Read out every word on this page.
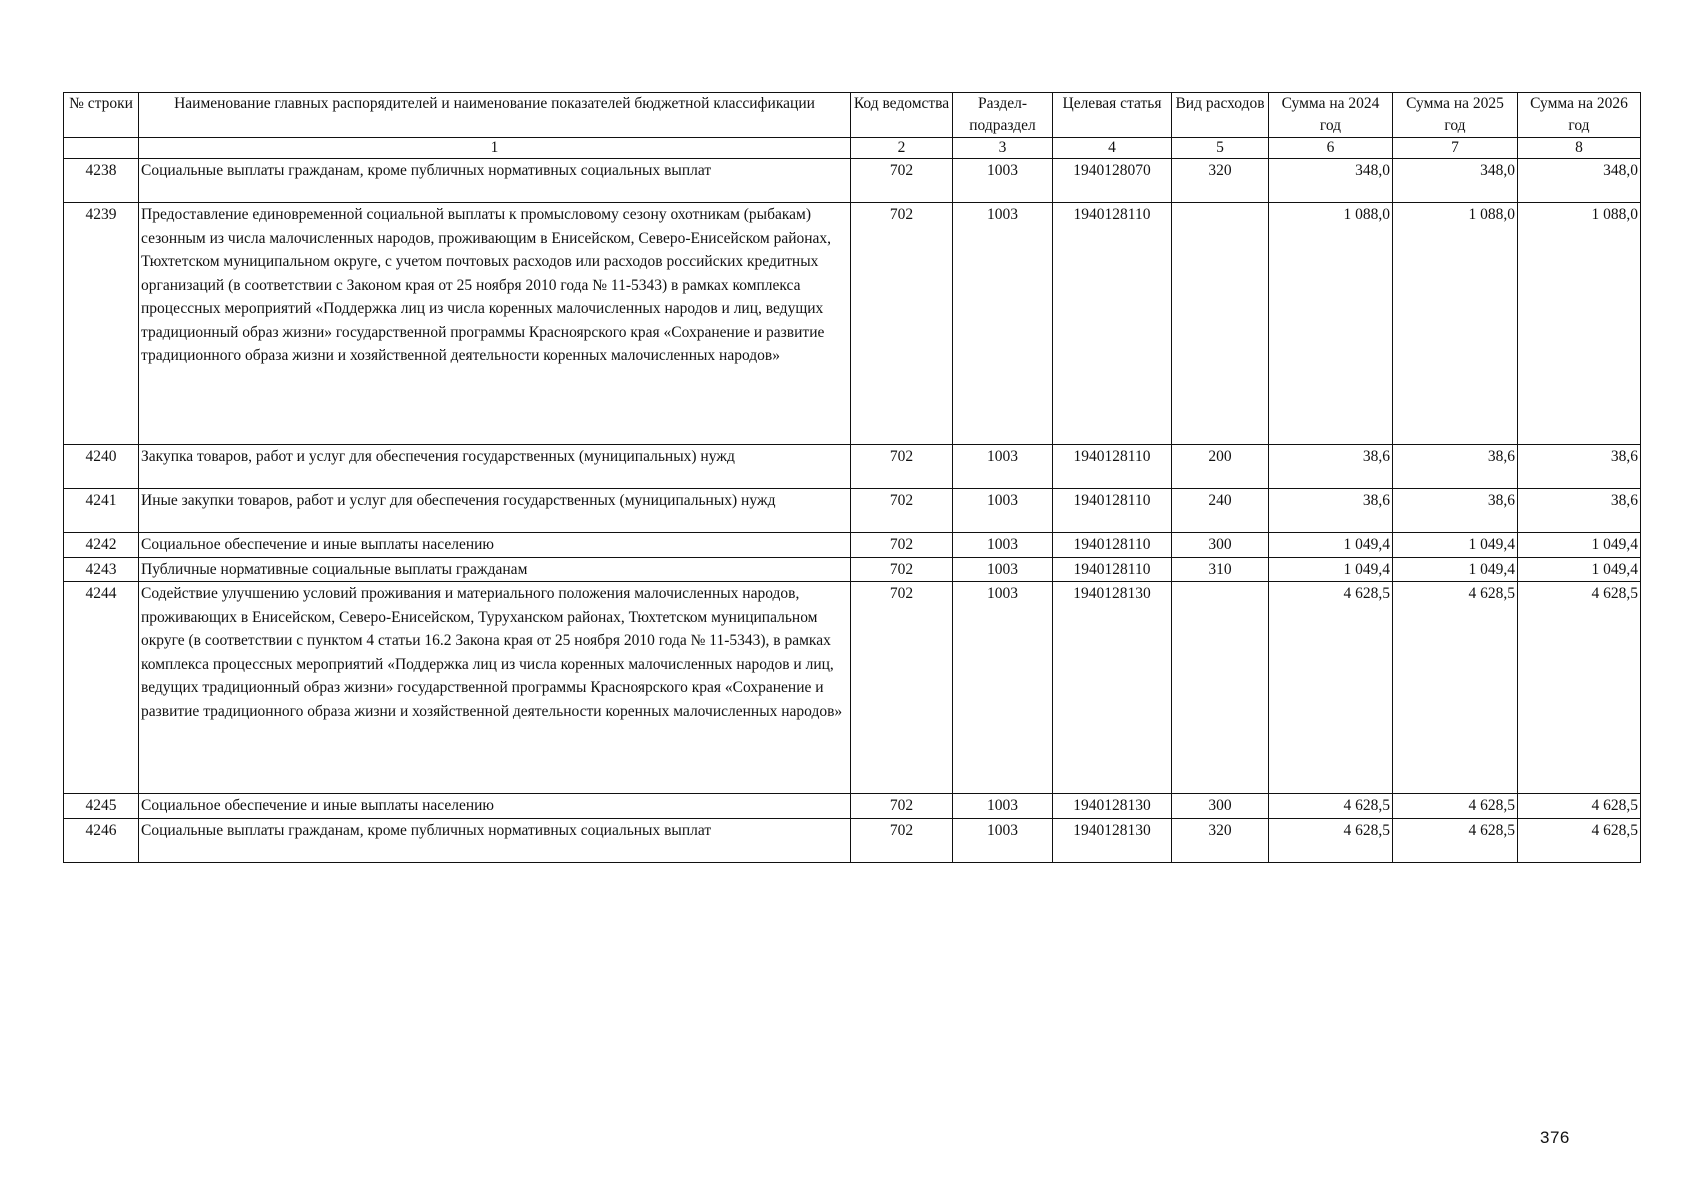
№ строки	Наименование главных распорядителей и наименование показателей бюджетной классификации	Код ведомства	Раздел-подраздел	Целевая статья	Вид расходов	Сумма на 2024 год	Сумма на 2025 год	Сумма на 2026 год
	1	2	3	4	5	6	7	8
4238	Социальные выплаты гражданам, кроме публичных нормативных социальных выплат	702	1003	1940128070	320	348,0	348,0	348,0
4239	Предоставление единовременной социальной выплаты к промысловому сезону охотникам (рыбакам) сезонным из числа малочисленных народов, проживающим в Енисейском, Северо-Енисейском районах, Тюхтетском муниципальном округе, с учетом почтовых расходов или расходов российских кредитных организаций (в соответствии с Законом края от 25 ноября 2010 года № 11-5343) в рамках комплекса процессных мероприятий «Поддержка лиц из числа коренных малочисленных народов и лиц, ведущих традиционный образ жизни» государственной программы Красноярского края «Сохранение и развитие традиционного образа жизни и хозяйственной деятельности коренных малочисленных народов»	702	1003	1940128110		1 088,0	1 088,0	1 088,0
4240	Закупка товаров, работ и услуг для обеспечения государственных (муниципальных) нужд	702	1003	1940128110	200	38,6	38,6	38,6
4241	Иные закупки товаров, работ и услуг для обеспечения государственных (муниципальных) нужд	702	1003	1940128110	240	38,6	38,6	38,6
4242	Социальное обеспечение и иные выплаты населению	702	1003	1940128110	300	1 049,4	1 049,4	1 049,4
4243	Публичные нормативные социальные выплаты гражданам	702	1003	1940128110	310	1 049,4	1 049,4	1 049,4
4244	Содействие улучшению условий проживания и материального положения малочисленных народов, проживающих в Енисейском, Северо-Енисейском, Туруханском районах, Тюхтетском муниципальном округе (в соответствии с пунктом 4 статьи 16.2 Закона края от 25 ноября 2010 года № 11-5343), в рамках комплекса процессных мероприятий «Поддержка лиц из числа коренных малочисленных народов и лиц, ведущих традиционный образ жизни» государственной программы Красноярского края «Сохранение и развитие традиционного образа жизни и хозяйственной деятельности коренных малочисленных народов»	702	1003	1940128130		4 628,5	4 628,5	4 628,5
4245	Социальное обеспечение и иные выплаты населению	702	1003	1940128130	300	4 628,5	4 628,5	4 628,5
4246	Социальные выплаты гражданам, кроме публичных нормативных социальных выплат	702	1003	1940128130	320	4 628,5	4 628,5	4 628,5
376
